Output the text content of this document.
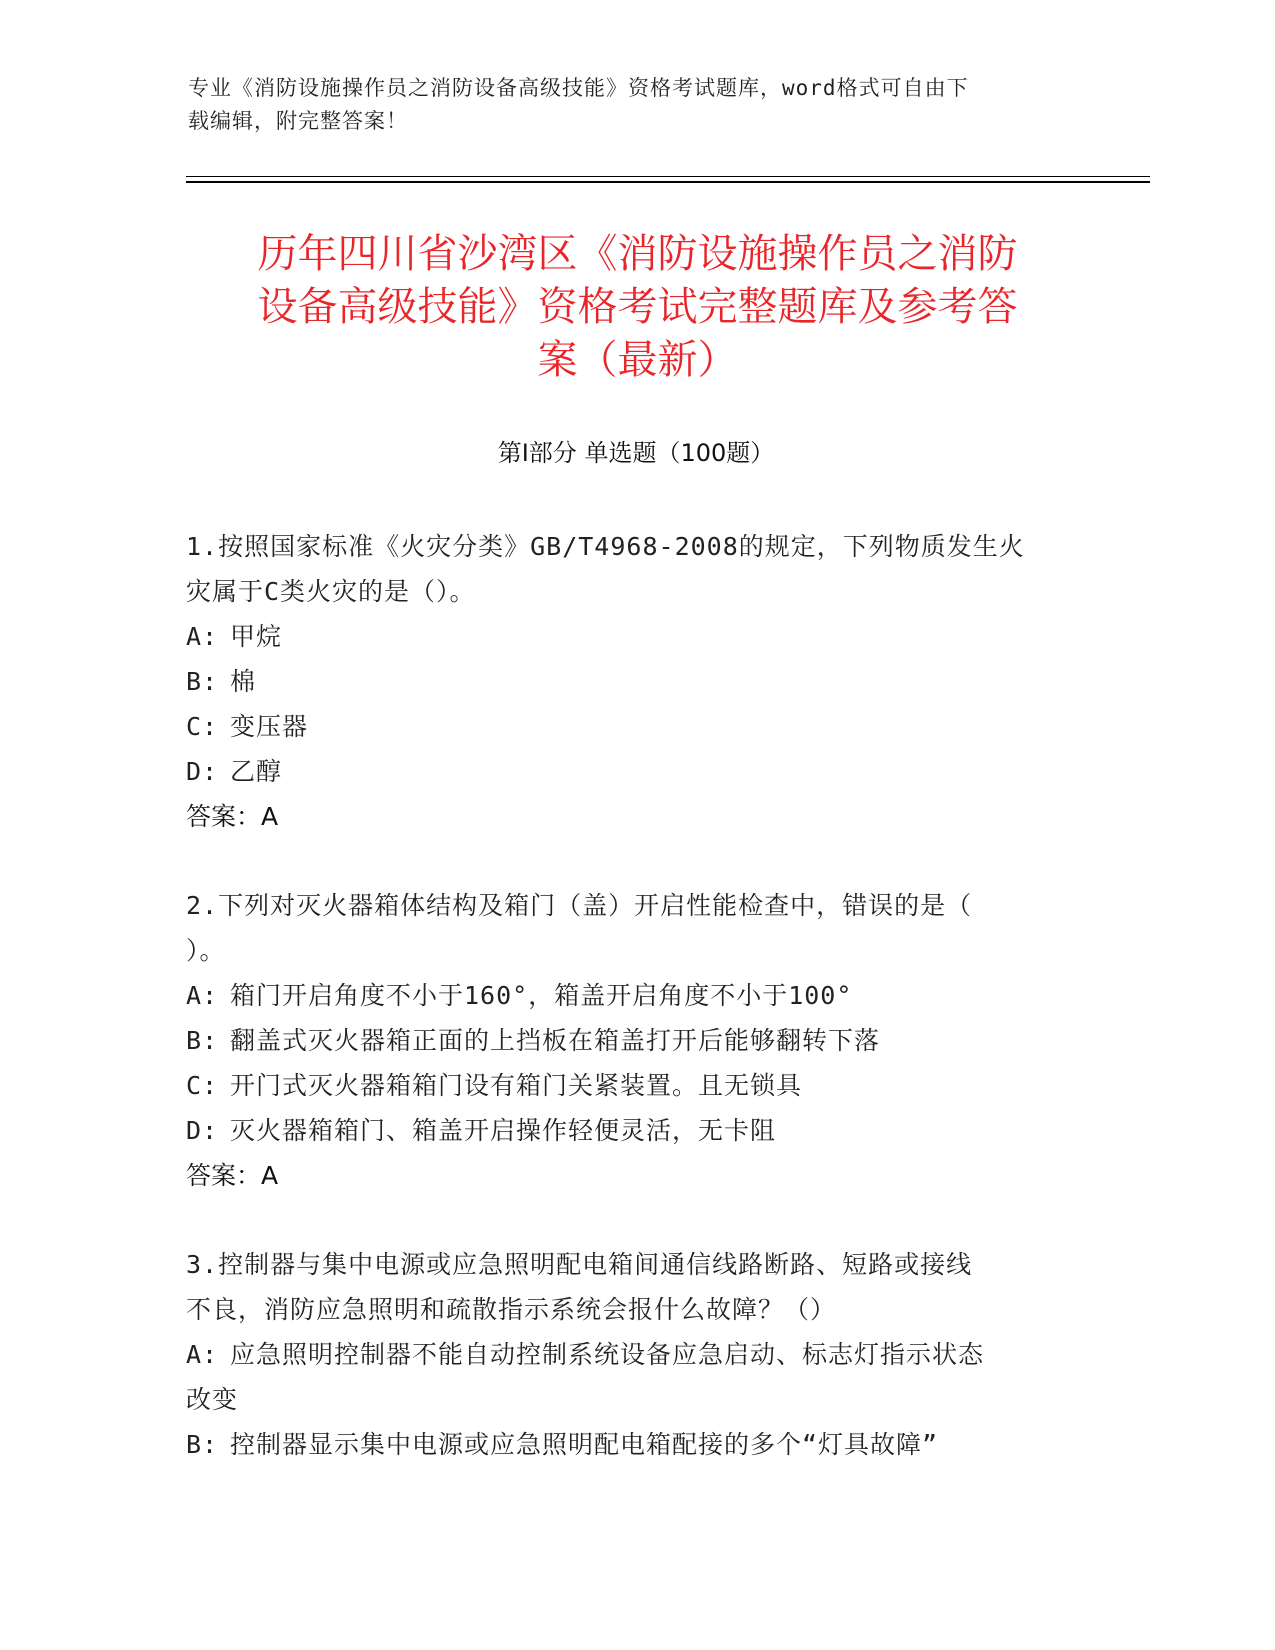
专业《消防设施操作员之消防设备高级技能》资格考试题库，word格式可自由下
载编辑，附完整答案！
历年四川省沙湾区《消防设施操作员之消防
设备高级技能》资格考试完整题库及参考答
案（最新）
第I部分 单选题（100题）
1.按照国家标准《火灾分类》GB/T4968-2008的规定，下列物质发生火
灾属于C类火灾的是（）。
A: 甲烷
B: 棉
C: 变压器
D: 乙醇
答案：A
2.下列对灭火器箱体结构及箱门（盖）开启性能检查中，错误的是（
）。
A: 箱门开启角度不小于160°，箱盖开启角度不小于100°
B: 翻盖式灭火器箱正面的上挡板在箱盖打开后能够翻转下落
C: 开门式灭火器箱箱门设有箱门关紧装置。且无锁具
D: 灭火器箱箱门、箱盖开启操作轻便灵活，无卡阻
答案：A
3.控制器与集中电源或应急照明配电箱间通信线路断路、短路或接线
不良，消防应急照明和疏散指示系统会报什么故障？（）
A: 应急照明控制器不能自动控制系统设备应急启动、标志灯指示状态
改变
B: 控制器显示集中电源或应急照明配电箱配接的多个“灯具故障”
